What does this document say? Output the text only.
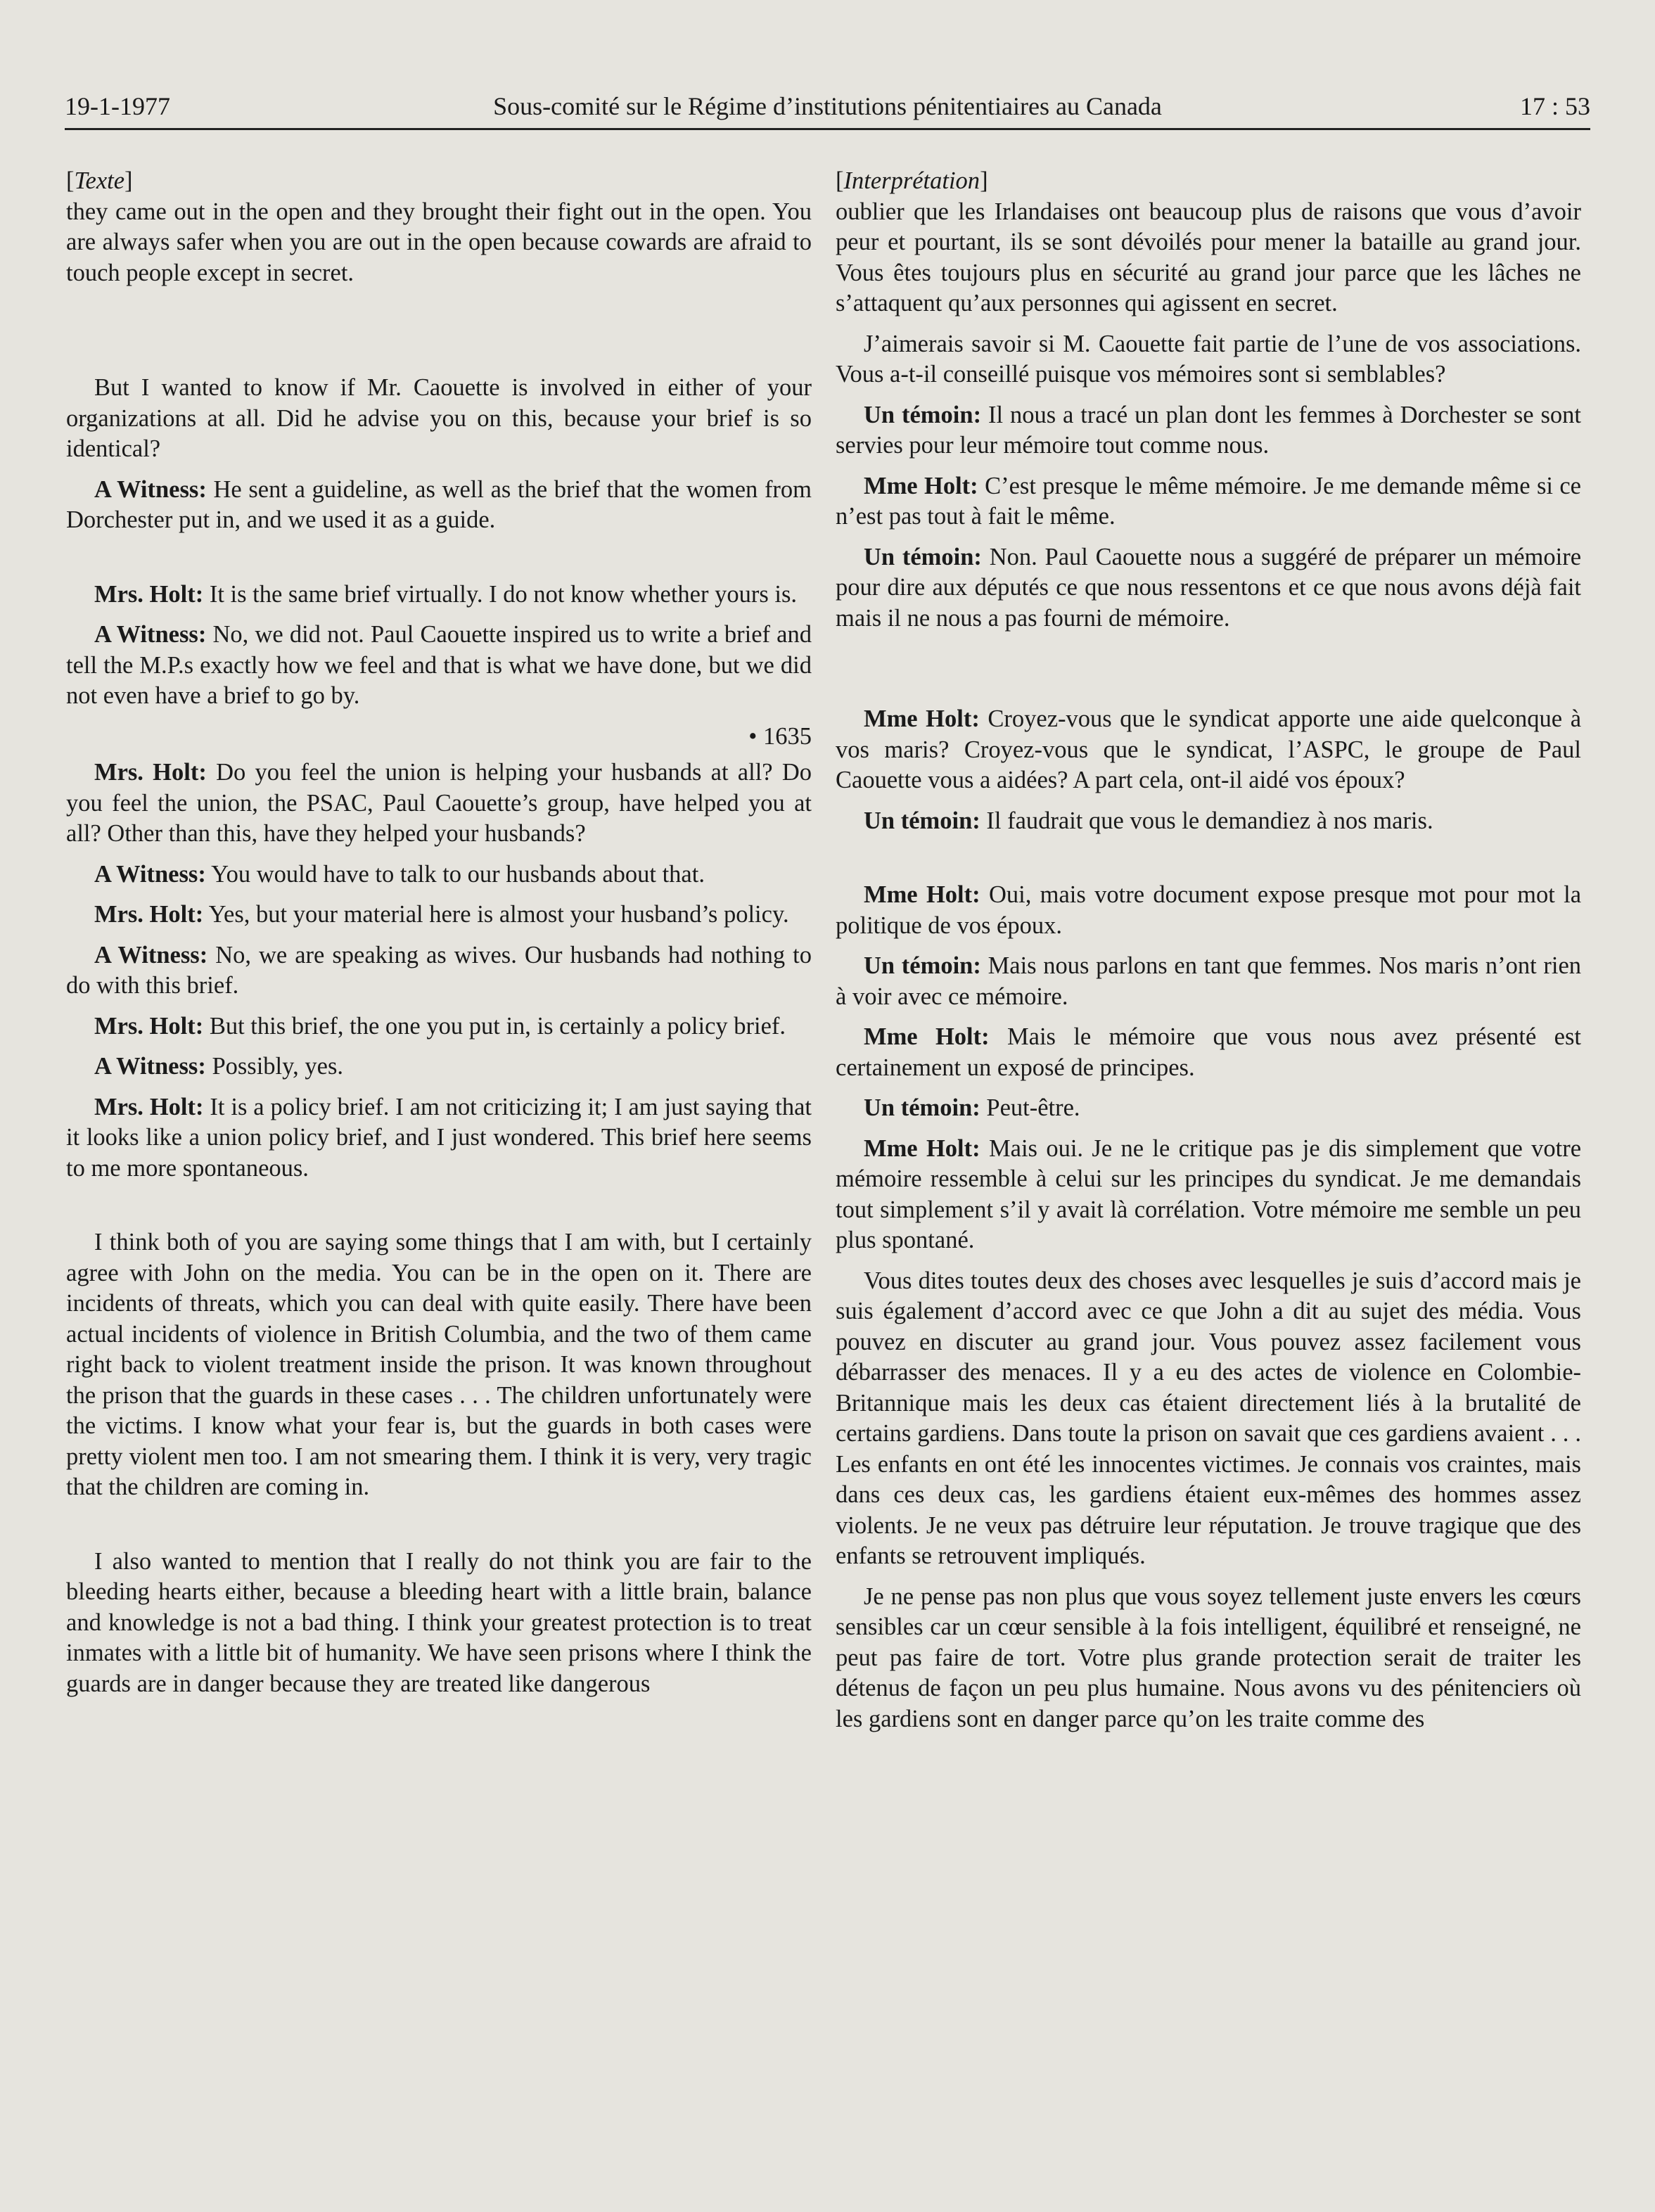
19-1-1977	Sous-comité sur le Régime d’institutions pénitentiaires au Canada	17 : 53

[Texte]

they came out in the open and they brought their fight out in the open. You are always safer when you are out in the open because cowards are afraid to touch people except in secret.

But I wanted to know if Mr. Caouette is involved in either of your organizations at all. Did he advise you on this, because your brief is so identical?

A Witness: He sent a guideline, as well as the brief that the women from Dorchester put in, and we used it as a guide.

Mrs. Holt: It is the same brief virtually. I do not know whether yours is.

A Witness: No, we did not. Paul Caouette inspired us to write a brief and tell the M.P.s exactly how we feel and that is what we have done, but we did not even have a brief to go by.

• 1635

Mrs. Holt: Do you feel the union is helping your husbands at all? Do you feel the union, the PSAC, Paul Caouette’s group, have helped you at all? Other than this, have they helped your husbands?

A Witness: You would have to talk to our husbands about that.

Mrs. Holt: Yes, but your material here is almost your husband’s policy.

A Witness: No, we are speaking as wives. Our husbands had nothing to do with this brief.

Mrs. Holt: But this brief, the one you put in, is certainly a policy brief.

A Witness: Possibly, yes.

Mrs. Holt: It is a policy brief. I am not criticizing it; I am just saying that it looks like a union policy brief, and I just wondered. This brief here seems to me more spontaneous.

I think both of you are saying some things that I am with, but I certainly agree with John on the media. You can be in the open on it. There are incidents of threats, which you can deal with quite easily. There have been actual incidents of violence in British Columbia, and the two of them came right back to violent treatment inside the prison. It was known throughout the prison that the guards in these cases . . . The children unfortunately were the victims. I know what your fear is, but the guards in both cases were pretty violent men too. I am not smearing them. I think it is very, very tragic that the children are coming in.

I also wanted to mention that I really do not think you are fair to the bleeding hearts either, because a bleeding heart with a little brain, balance and knowledge is not a bad thing. I think your greatest protection is to treat inmates with a little bit of humanity. We have seen prisons where I think the guards are in danger because they are treated like dangerous

[Interprétation]

oublier que les Irlandaises ont beaucoup plus de raisons que vous d’avoir peur et pourtant, ils se sont dévoilés pour mener la bataille au grand jour. Vous êtes toujours plus en sécurité au grand jour parce que les lâches ne s’attaquent qu’aux personnes qui agissent en secret.

J’aimerais savoir si M. Caouette fait partie de l’une de vos associations. Vous a-t-il conseillé puisque vos mémoires sont si semblables?

Un témoin: Il nous a tracé un plan dont les femmes à Dorchester se sont servies pour leur mémoire tout comme nous.

Mme Holt: C’est presque le même mémoire. Je me demande même si ce n’est pas tout à fait le même.

Un témoin: Non. Paul Caouette nous a suggéré de préparer un mémoire pour dire aux députés ce que nous ressentons et ce que nous avons déjà fait mais il ne nous a pas fourni de mémoire.

Mme Holt: Croyez-vous que le syndicat apporte une aide quelconque à vos maris? Croyez-vous que le syndicat, l’ASPC, le groupe de Paul Caouette vous a aidées? A part cela, ont-il aidé vos époux?

Un témoin: Il faudrait que vous le demandiez à nos maris.

Mme Holt: Oui, mais votre document expose presque mot pour mot la politique de vos époux.

Un témoin: Mais nous parlons en tant que femmes. Nos maris n’ont rien à voir avec ce mémoire.

Mme Holt: Mais le mémoire que vous nous avez présenté est certainement un exposé de principes.

Un témoin: Peut-être.

Mme Holt: Mais oui. Je ne le critique pas je dis simplement que votre mémoire ressemble à celui sur les principes du syndicat. Je me demandais tout simplement s’il y avait là corrélation. Votre mémoire me semble un peu plus spontané.

Vous dites toutes deux des choses avec lesquelles je suis d’accord mais je suis également d’accord avec ce que John a dit au sujet des média. Vous pouvez en discuter au grand jour. Vous pouvez assez facilement vous débarrasser des menaces. Il y a eu des actes de violence en Colombie-Britannique mais les deux cas étaient directement liés à la brutalité de certains gardiens. Dans toute la prison on savait que ces gardiens avaient . . . Les enfants en ont été les innocentes victimes. Je connais vos craintes, mais dans ces deux cas, les gardiens étaient eux-mêmes des hommes assez violents. Je ne veux pas détruire leur réputation. Je trouve tragique que des enfants se retrouvent impliqués.

Je ne pense pas non plus que vous soyez tellement juste envers les cœurs sensibles car un cœur sensible à la fois intelligent, équilibré et renseigné, ne peut pas faire de tort. Votre plus grande protection serait de traiter les détenus de façon un peu plus humaine. Nous avons vu des pénitenciers où les gardiens sont en danger parce qu’on les traite comme des
